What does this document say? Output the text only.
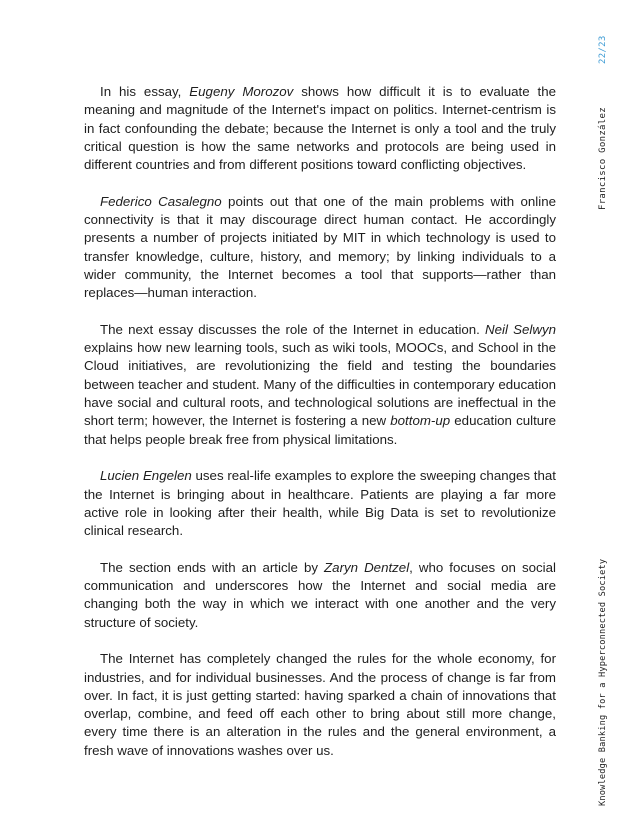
In his essay, Eugeny Morozov shows how difficult it is to evaluate the meaning and magnitude of the Internet's impact on politics. Internet-centrism is in fact confounding the debate; because the Internet is only a tool and the truly critical question is how the same networks and protocols are being used in different countries and from different positions toward conflicting objectives.

Federico Casalegno points out that one of the main problems with online connectivity is that it may discourage direct human contact. He accordingly presents a number of projects initiated by MIT in which technology is used to transfer knowledge, culture, history, and memory; by linking individuals to a wider community, the Internet becomes a tool that supports—rather than replaces—human interaction.

The next essay discusses the role of the Internet in education. Neil Selwyn explains how new learning tools, such as wiki tools, MOOCs, and School in the Cloud initiatives, are revolutionizing the field and testing the boundaries between teacher and student. Many of the difficulties in contemporary education have social and cultural roots, and technological solutions are ineffectual in the short term; however, the Internet is fostering a new bottom-up education culture that helps people break free from physical limitations.

Lucien Engelen uses real-life examples to explore the sweeping changes that the Internet is bringing about in healthcare. Patients are playing a far more active role in looking after their health, while Big Data is set to revolutionize clinical research.

The section ends with an article by Zaryn Dentzel, who focuses on social communication and underscores how the Internet and social media are changing both the way in which we interact with one another and the very structure of society.

The Internet has completely changed the rules for the whole economy, for industries, and for individual businesses. And the process of change is far from over. In fact, it is just getting started: having sparked a chain of innovations that overlap, combine, and feed off each other to bring about still more change, every time there is an alteration in the rules and the general environment, a fresh wave of innovations washes over us.	Knowledge Banking for a Hyperconnected Society
Francisco González
22/23
